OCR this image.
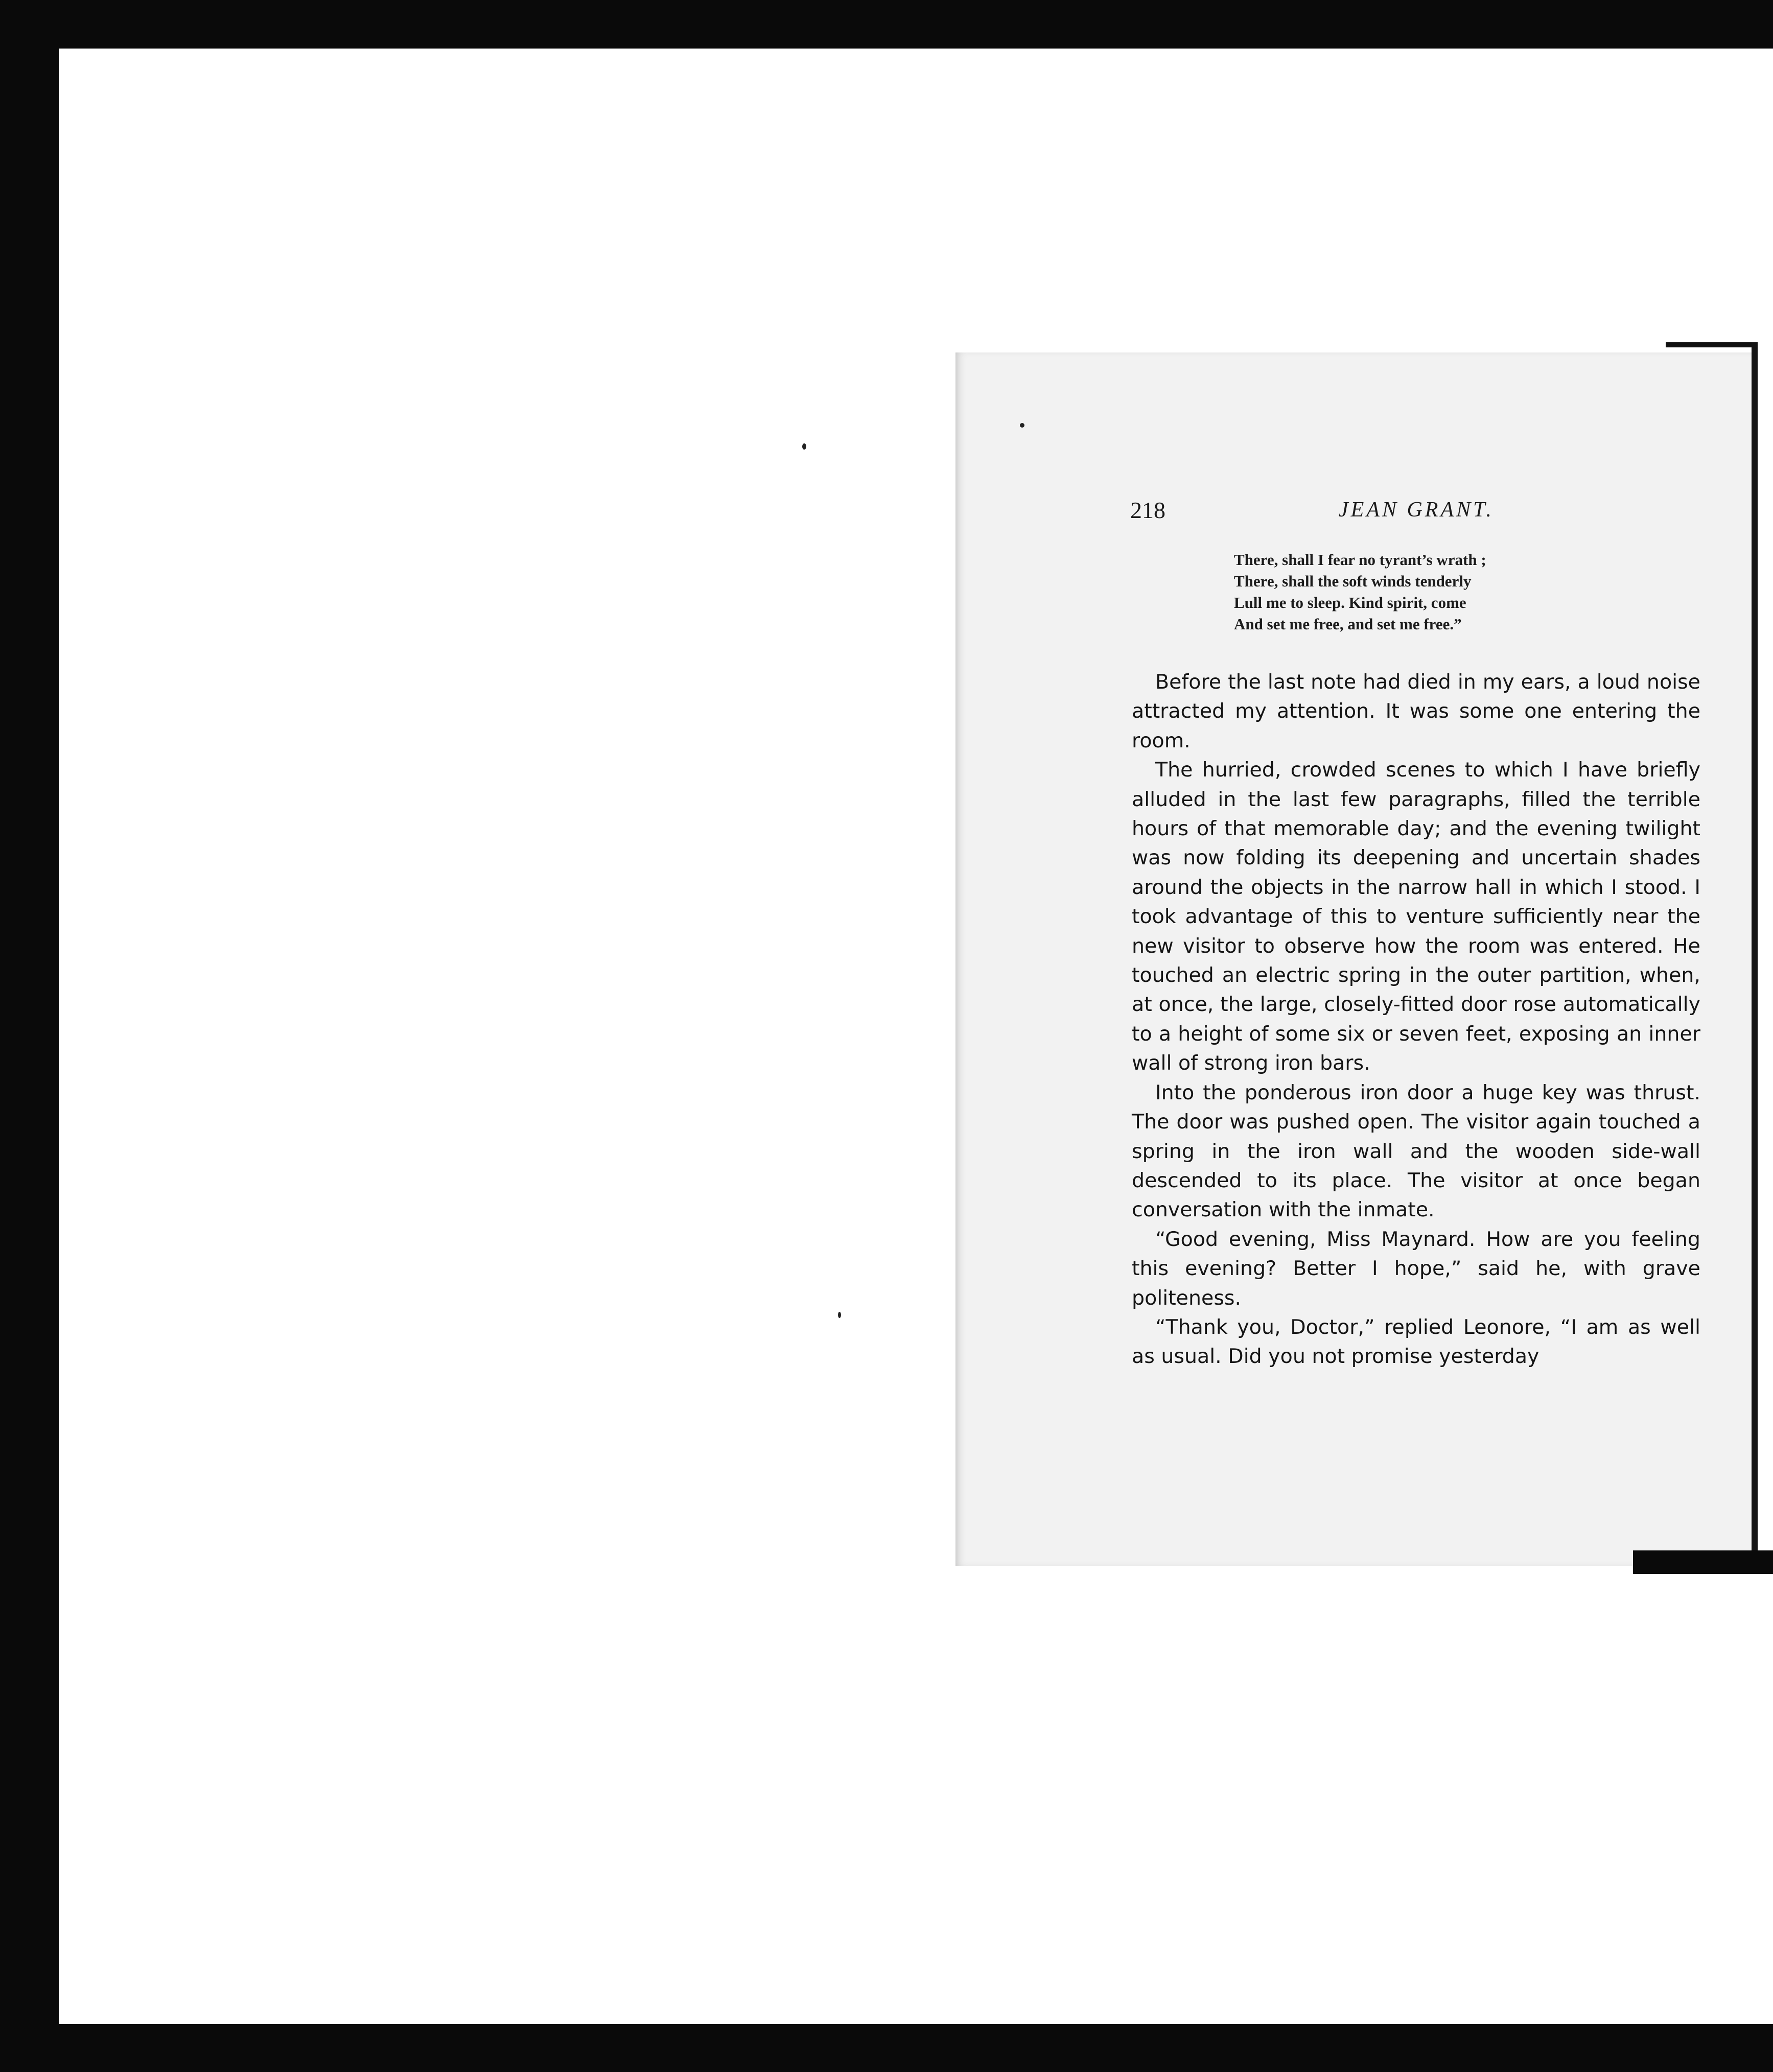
218	JEAN GRANT.
There, shall I fear no tyrant’s wrath ;
There, shall the soft winds tenderly
Lull me to sleep. Kind spirit, come
And set me free, and set me free.”

Before the last note had died in my ears, a loud noise attracted my attention. It was some one entering the room.

The hurried, crowded scenes to which I have briefly alluded in the last few paragraphs, filled the terrible hours of that memorable day; and the evening twilight was now folding its deepening and uncertain shades around the objects in the narrow hall in which I stood. I took advantage of this to venture sufficiently near the new visitor to observe how the room was entered. He touched an electric spring in the outer partition, when, at once, the large, closely-fitted door rose automatically to a height of some six or seven feet, exposing an inner wall of strong iron bars.

Into the ponderous iron door a huge key was thrust. The door was pushed open. The visitor again touched a spring in the iron wall and the wooden side-wall descended to its place. The visitor at once began conversation with the inmate.

“Good evening, Miss Maynard. How are you feeling this evening? Better I hope,” said he, with grave politeness.

“Thank you, Doctor,” replied Leonore, “I am as well as usual. Did you not promise yesterday
